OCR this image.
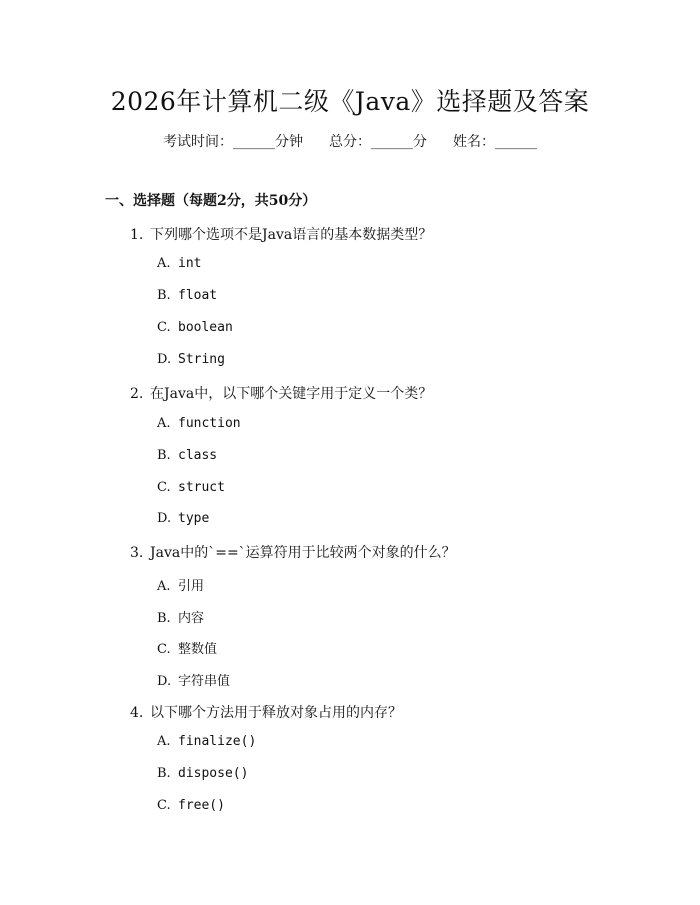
2026年计算机二级《Java》选择题及答案
考试时间：______分钟 总分：______分 姓名：______
一、选择题（每题2分，共50分）
1. 下列哪个选项不是Java语言的基本数据类型？
A. int
B. float
C. boolean
D. String
2. 在Java中，以下哪个关键字用于定义一个类？
A. function
B. class
C. struct
D. type
3. Java中的`==`运算符用于比较两个对象的什么？
A. 引用
B. 内容
C. 整数值
D. 字符串值
4. 以下哪个方法用于释放对象占用的内存？
A. finalize()
B. dispose()
C. free()
